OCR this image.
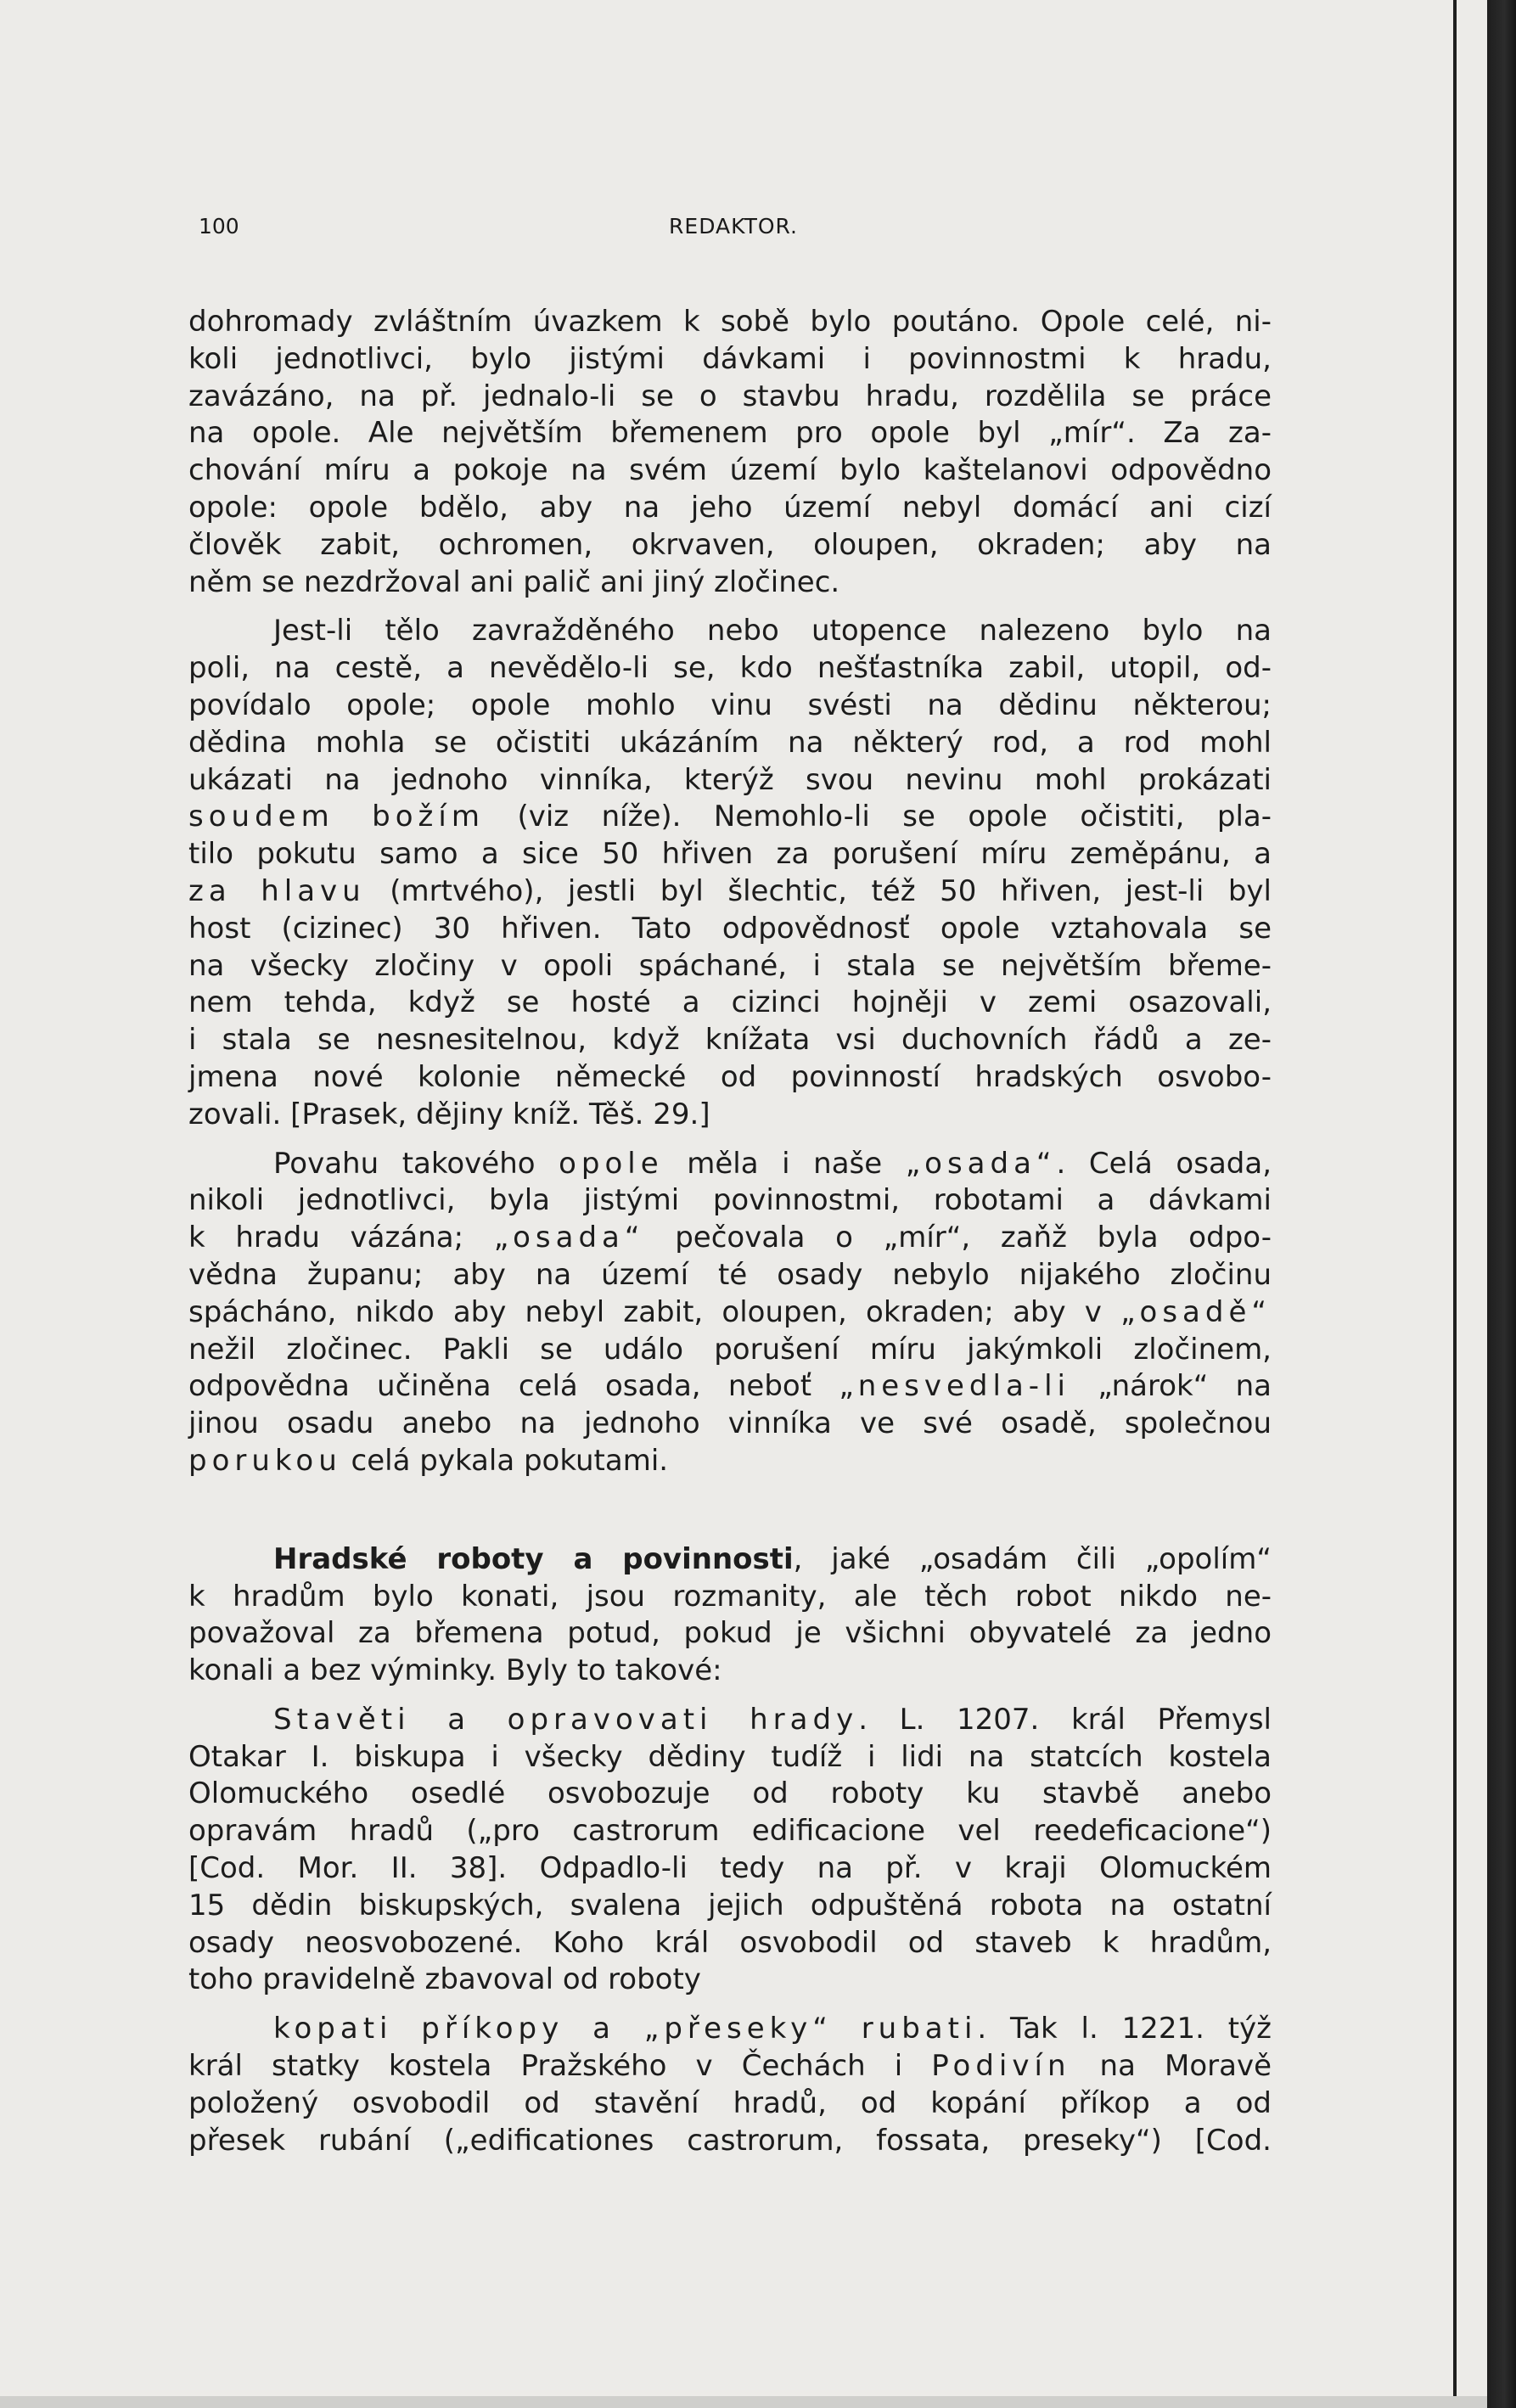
100	REDAKTOR.
dohromady zvláštním úvazkem k sobě bylo poutáno. Opole celé, ni-
koli jednotlivci, bylo jistými dávkami i povinnostmi k hradu,
zavázáno, na př. jednalo-li se o stavbu hradu, rozdělila se práce
na opole. Ale největším břemenem pro opole byl „mír“. Za za-
chování míru a pokoje na svém území bylo kaštelanovi odpovědno
opole: opole bdělo, aby na jeho území nebyl domácí ani cizí
člověk zabit, ochromen, okrvaven, oloupen, okraden; aby na
něm se nezdržoval ani palič ani jiný zločinec.
Jest-li tělo zavražděného nebo utopence nalezeno bylo na
poli, na cestě, a nevědělo-li se, kdo nešťastníka zabil, utopil, od-
povídalo opole; opole mohlo vinu svésti na dědinu některou;
dědina mohla se očistiti ukázáním na některý rod, a rod mohl
ukázati na jednoho vinníka, kterýž svou nevinu mohl prokázati
soudem božím (viz níže). Nemohlo-li se opole očistiti, pla-
tilo pokutu samo a sice 50 hřiven za porušení míru zeměpánu, a
za hlavu (mrtvého), jestli byl šlechtic, též 50 hřiven, jest-li byl
host (cizinec) 30 hřiven. Tato odpovědnosť opole vztahovala se
na všecky zločiny v opoli spáchané, i stala se největším břeme-
nem tehda, když se hosté a cizinci hojněji v zemi osazovali,
i stala se nesnesitelnou, když knížata vsi duchovních řádů a ze-
jmena nové kolonie německé od povinností hradských osvobo-
zovali. [Prasek, dějiny kníž. Těš. 29.]
Povahu takového opole měla i naše „osada“. Celá osada,
nikoli jednotlivci, byla jistými povinnostmi, robotami a dávkami
k hradu vázána; „osada“ pečovala o „mír“, zaňž byla odpo-
vědna županu; aby na území té osady nebylo nijakého zločinu
spácháno, nikdo aby nebyl zabit, oloupen, okraden; aby v „osadě“
nežil zločinec. Pakli se událo porušení míru jakýmkoli zločinem,
odpovědna učiněna celá osada, neboť „nesvedla-li „nárok“ na
jinou osadu anebo na jednoho vinníka ve své osadě, společnou
porukou celá pykala pokutami.
Hradské roboty a povinnosti, jaké „osadám čili „opolím“
k hradům bylo konati, jsou rozmanity, ale těch robot nikdo ne-
považoval za břemena potud, pokud je všichni obyvatelé za jedno
konali a bez výminky. Byly to takové:
Stavěti a opravovati hrady. L. 1207. král Přemysl
Otakar I. biskupa i všecky dědiny tudíž i lidi na statcích kostela
Olomuckého osedlé osvobozuje od roboty ku stavbě anebo
opravám hradů („pro castrorum edificacione vel reedeficacione“)
[Cod. Mor. II. 38]. Odpadlo-li tedy na př. v kraji Olomuckém
15 dědin biskupských, svalena jejich odpuštěná robota na ostatní
osady neosvobozené. Koho král osvobodil od staveb k hradům,
toho pravidelně zbavoval od roboty
kopati příkopy a „přeseky“ rubati. Tak l. 1221. týž
král statky kostela Pražského v Čechách i Podivín na Moravě
položený osvobodil od stavění hradů, od kopání příkop a od
přesek rubání („edificationes castrorum, fossata, preseky“) [Cod.
